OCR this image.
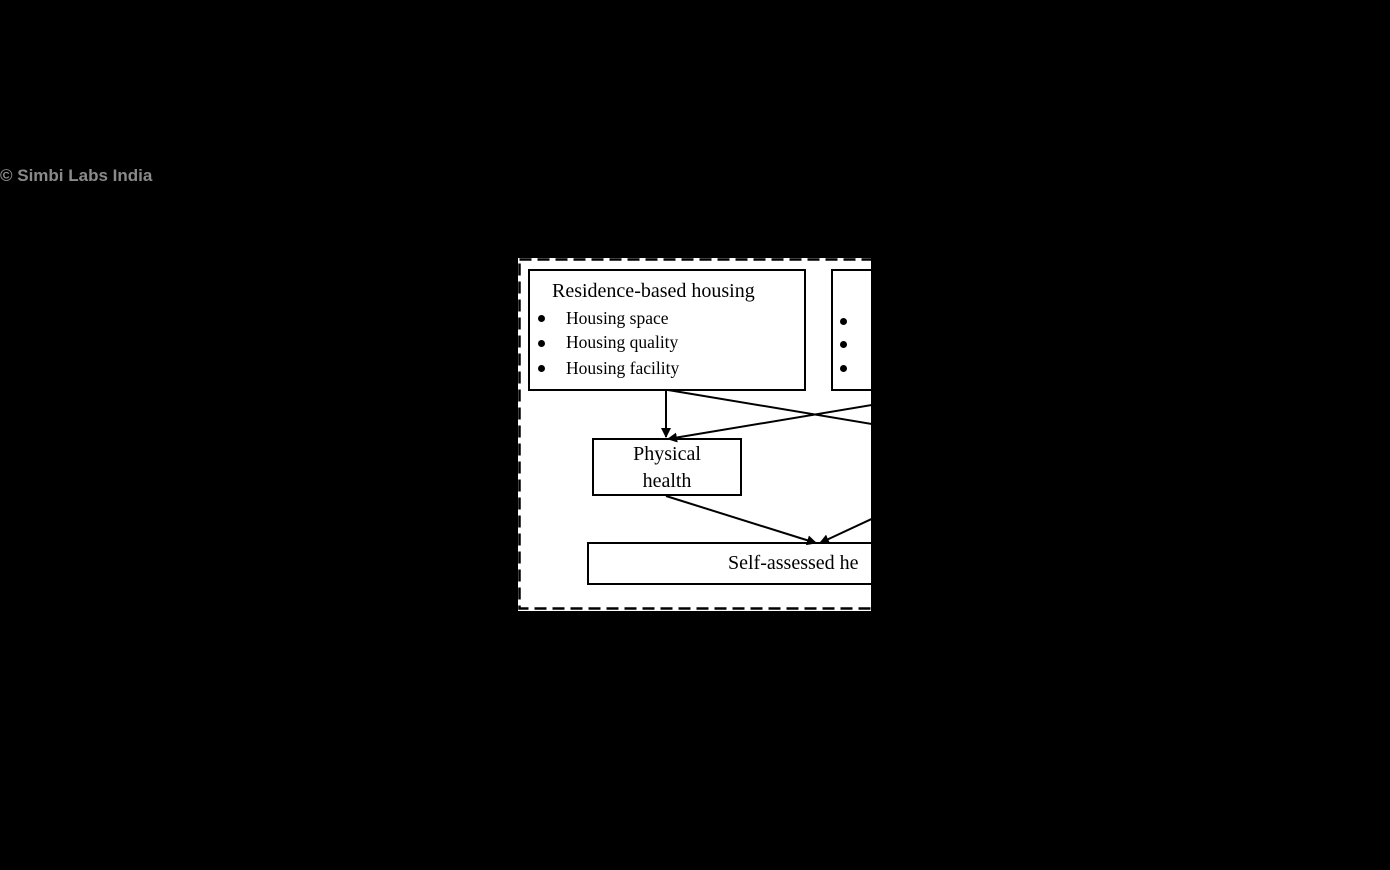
© Simbi Labs India
Residence-based housing
Housing space
Housing quality
Housing facility
Physical
health
Self-assessed he
